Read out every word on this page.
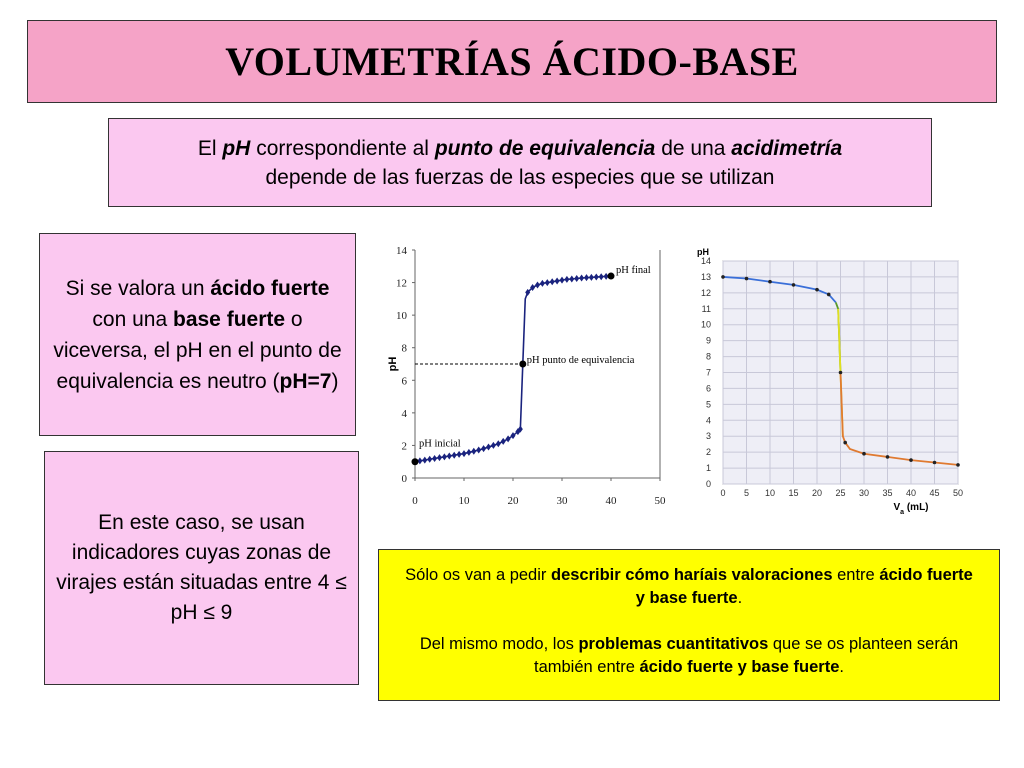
VOLUMETRÍAS ÁCIDO-BASE
El pH correspondiente al punto de equivalencia de una acidimetría
depende de las fuerzas de las especies que se utilizan
Si se valora un ácido fuerte con una base fuerte o viceversa, el pH en el punto de equivalencia es neutro (pH=7)
En este caso, se usan indicadores cuyas zonas de virajes están situadas entre 4 ≤ pH ≤ 9

Sólo os van a pedir describir cómo haríais valoraciones entre ácido fuerte y base fuerte.

Del mismo modo, los problemas cuantitativos que se os planteen serán también entre ácido fuerte y base fuerte.

0
2
4
6
8
10
12
14
0	10	20	30	40	50
pH
pH inicial
pH punto de equivalencia
pH final
0
1
2
3
4
5
6
7
8
9
10
11
12
13
14
0 5 10 15 20 25 30 35 40 45 50
pH
$V_a$ (mL)
